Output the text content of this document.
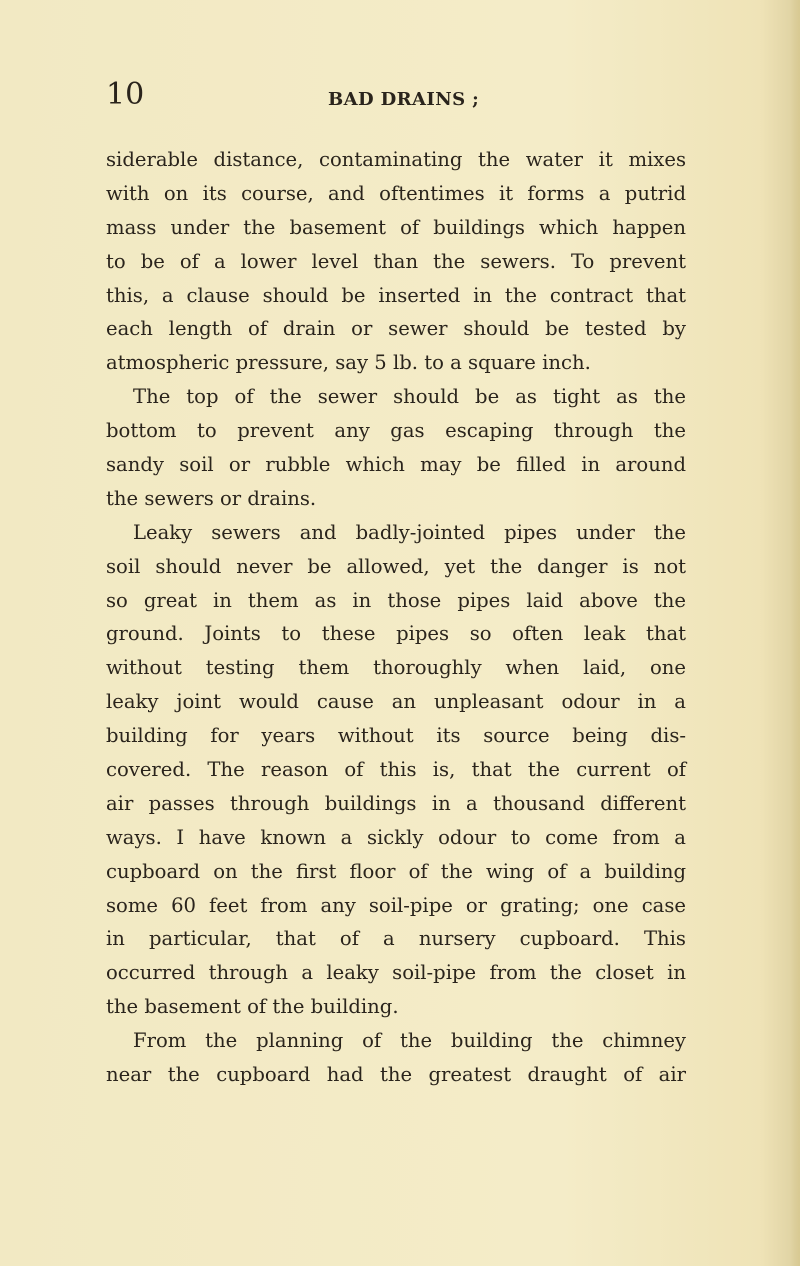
10	BAD DRAINS ;
siderable distance, contaminating the water it mixes
with on its course, and oftentimes it forms a putrid
mass under the basement of buildings which happen
to be of a lower level than the sewers. To prevent
this, a clause should be inserted in the contract that
each length of drain or sewer should be tested by
atmospheric pressure, say 5 lb. to a square inch.
The top of the sewer should be as tight as the
bottom to prevent any gas escaping through the
sandy soil or rubble which may be filled in around
the sewers or drains.
Leaky sewers and badly-jointed pipes under the
soil should never be allowed, yet the danger is not
so great in them as in those pipes laid above the
ground. Joints to these pipes so often leak that
without testing them thoroughly when laid, one
leaky joint would cause an unpleasant odour in a
building for years without its source being dis-
covered. The reason of this is, that the current of
air passes through buildings in a thousand different
ways. I have known a sickly odour to come from a
cupboard on the first floor of the wing of a building
some 60 feet from any soil-pipe or grating; one case
in particular, that of a nursery cupboard. This
occurred through a leaky soil-pipe from the closet in
the basement of the building.
From the planning of the building the chimney
near the cupboard had the greatest draught of air
